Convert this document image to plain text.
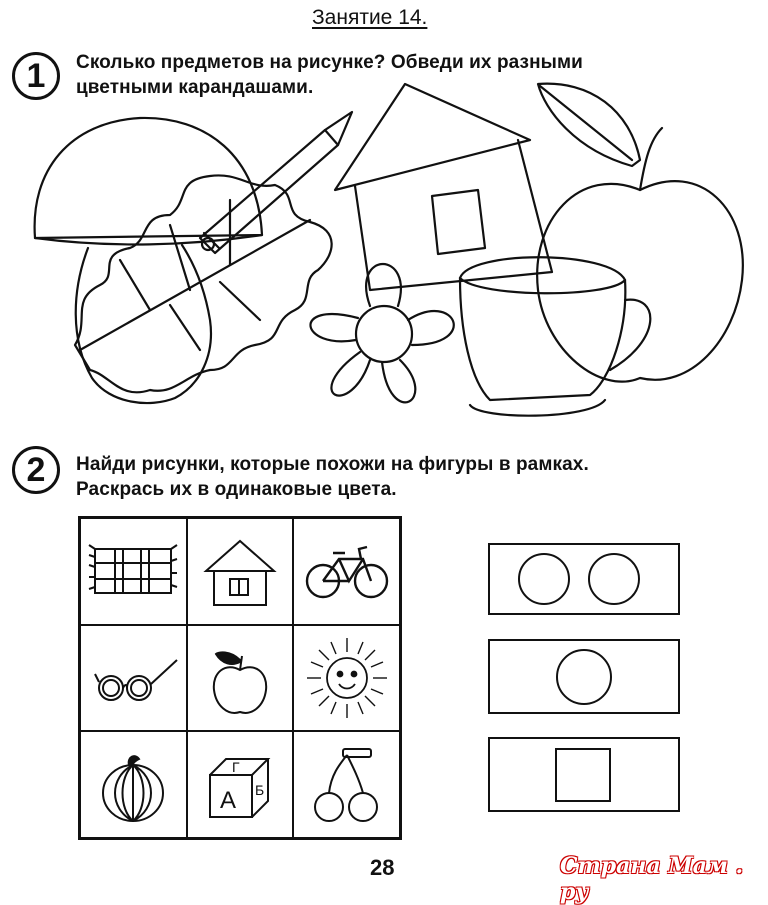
Занятие 14.
1	Сколько предметов на рисунке? Обведи их разными
цветными карандашами.
2	Найди рисунки, которые похожи на фигуры в рамках.
Раскрась их в одинаковые цвета.
Г
Б
А
28	Страна Мам . ру
